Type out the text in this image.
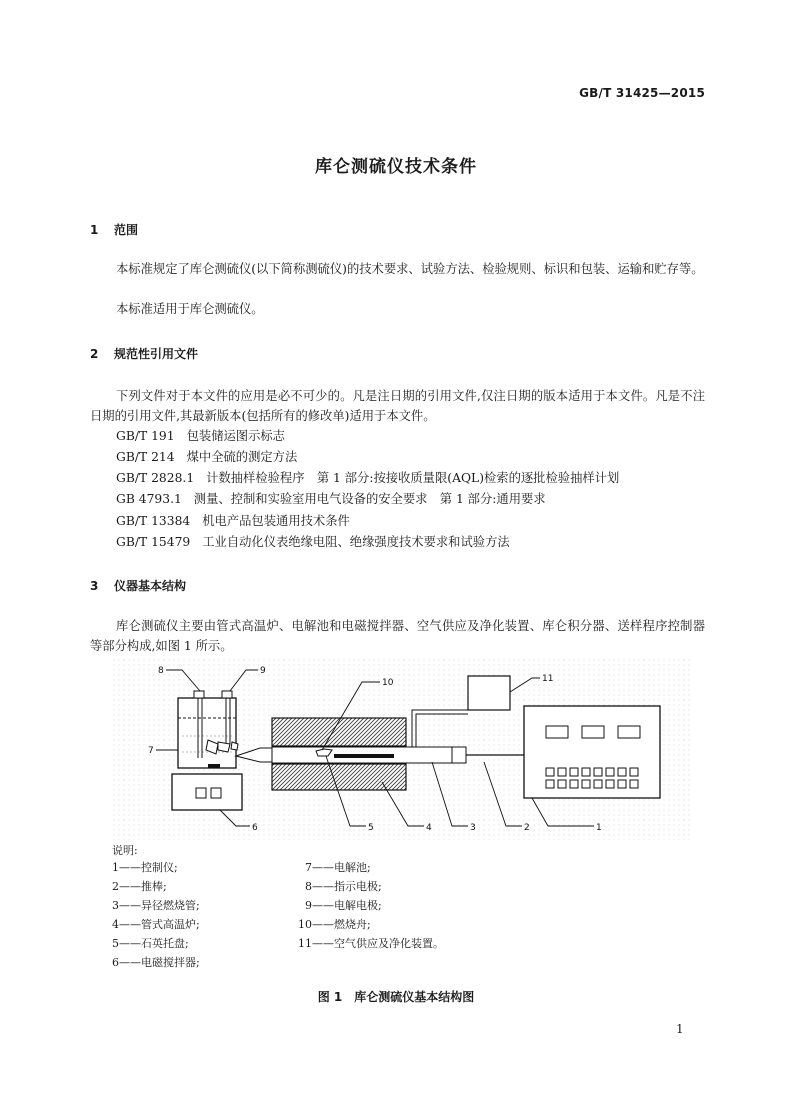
GB/T 31425—2015
库仑测硫仪技术条件
1 范围
本标准规定了库仑测硫仪(以下简称测硫仪)的技术要求、试验方法、检验规则、标识和包装、运输和贮存等。
本标准适用于库仑测硫仪。
2 规范性引用文件
下列文件对于本文件的应用是必不可少的。凡是注日期的引用文件,仅注日期的版本适用于本文件。凡是不注日期的引用文件,其最新版本(包括所有的修改单)适用于本文件。
GB/T 191 包装储运图示标志
GB/T 214 煤中全硫的测定方法
GB/T 2828.1 计数抽样检验程序　第 1 部分:按接收质量限(AQL)检索的逐批检验抽样计划
GB 4793.1 测量、控制和实验室用电气设备的安全要求　第 1 部分:通用要求
GB/T 13384 机电产品包装通用技术条件
GB/T 15479 工业自动化仪表绝缘电阻、绝缘强度技术要求和试验方法
3 仪器基本结构
库仑测硫仪主要由管式高温炉、电解池和电磁搅拌器、空气供应及净化装置、库仑积分器、送样程序控制器等部分构成,如图 1 所示。
1
2
3
4
5
6
7
8	9
10	11
说明:
1——控制仪;
2——推棒;
3——异径燃烧管;
4——管式高温炉;
5——石英托盘;
6——电磁搅拌器;
7——电解池;
8——指示电极;
9——电解电极;
10——燃烧舟;
11——空气供应及净化装置。
图 1　库仑测硫仪基本结构图
1
